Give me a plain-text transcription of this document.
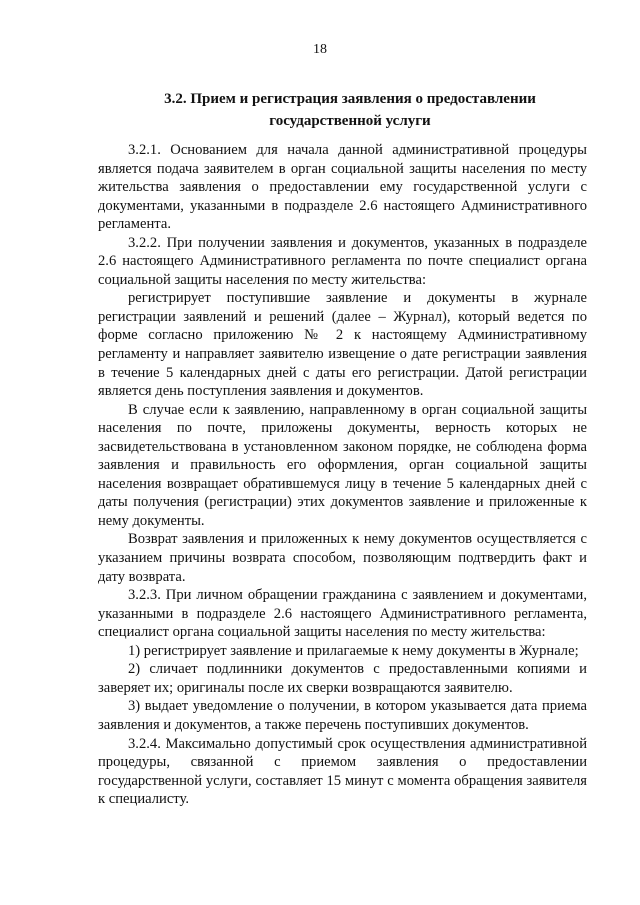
18
3.2. Прием и регистрация заявления о предоставлении
государственной услуги

3.2.1. Основанием для начала данной административной процедуры является подача заявителем в орган социальной защиты населения по месту жительства заявления о предоставлении ему государственной услуги с документами, указанными в подразделе 2.6 настоящего Административного регламента.

3.2.2. При получении заявления и документов, указанных в подразделе 2.6 настоящего Административного регламента по почте специалист органа социальной защиты населения по месту жительства:

регистрирует поступившие заявление и документы в журнале регистрации заявлений и решений (далее – Журнал), который ведется по форме согласно приложению № 2 к настоящему Административному регламенту и направляет заявителю извещение о дате регистрации заявления в течение 5 календарных дней с даты его регистрации. Датой регистрации является день поступления заявления и документов.

В случае если к заявлению, направленному в орган социальной защиты населения по почте, приложены документы, верность которых не засвидетельствована в установленном законом порядке, не соблюдена форма заявления и правильность его оформления, орган социальной защиты населения возвращает обратившемуся лицу в течение 5 календарных дней с даты получения (регистрации) этих документов заявление и приложенные к нему документы.

Возврат заявления и приложенных к нему документов осуществляется с указанием причины возврата способом, позволяющим подтвердить факт и дату возврата.

3.2.3. При личном обращении гражданина с заявлением и документами, указанными в подразделе 2.6 настоящего Административного регламента, специалист органа социальной защиты населения по месту жительства:

1) регистрирует заявление и прилагаемые к нему документы в Журнале;

2) сличает подлинники документов с предоставленными копиями и заверяет их; оригиналы после их сверки возвращаются заявителю.

3) выдает уведомление о получении, в котором указывается дата приема заявления и документов, а также перечень поступивших документов.

3.2.4. Максимально допустимый срок осуществления административной процедуры, связанной с приемом заявления о предоставлении государственной услуги, составляет 15 минут с момента обращения заявителя к специалисту.
